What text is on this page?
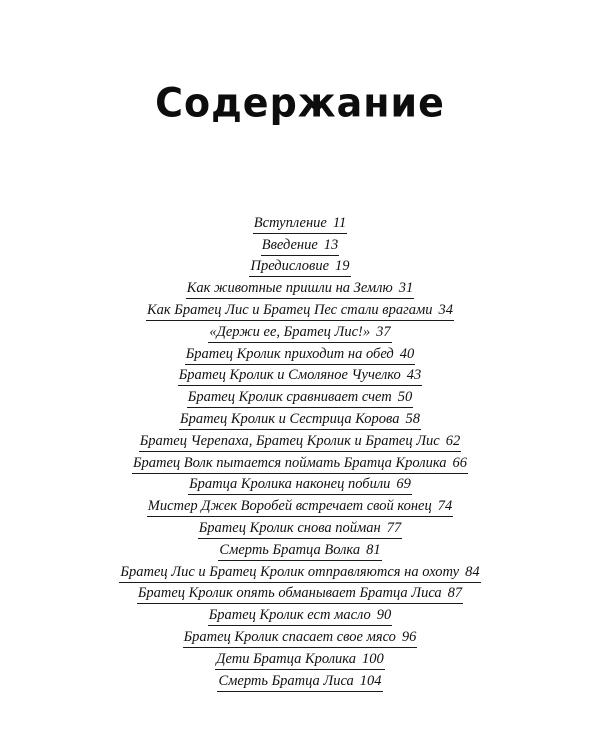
Содержание
Вступление 11
Введение 13
Предисловие 19
Как животные пришли на Землю 31
Как Братец Лис и Братец Пес стали врагами 34
«Держи ее, Братец Лис!» 37
Братец Кролик приходит на обед 40
Братец Кролик и Смоляное Чучелко 43
Братец Кролик сравнивает счет 50
Братец Кролик и Сестрица Корова 58
Братец Черепаха, Братец Кролик и Братец Лис 62
Братец Волк пытается поймать Братца Кролика 66
Братца Кролика наконец побили 69
Мистер Джек Воробей встречает свой конец 74
Братец Кролик снова пойман 77
Смерть Братца Волка 81
Братец Лис и Братец Кролик отправляются на охоту 84
Братец Кролик опять обманывает Братца Лиса 87
Братец Кролик ест масло 90
Братец Кролик спасает свое мясо 96
Дети Братца Кролика 100
Смерть Братца Лиса 104
